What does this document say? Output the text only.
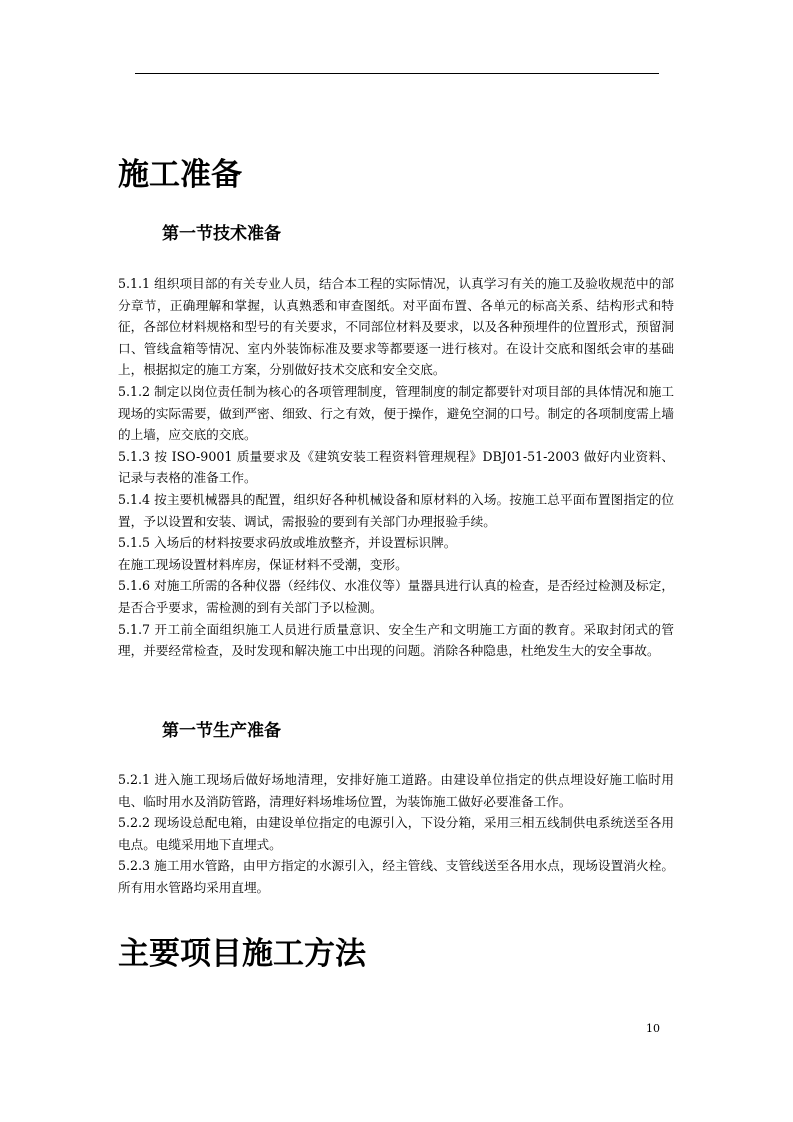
施工准备
第一节技术准备

5.1.1 组织项目部的有关专业人员，结合本工程的实际情况，认真学习有关的施工及验收规范中的部分章节，正确理解和掌握，认真熟悉和审查图纸。对平面布置、各单元的标高关系、结构形式和特征，各部位材料规格和型号的有关要求，不同部位材料及要求，以及各种预埋件的位置形式，预留洞口、管线盒箱等情况、室内外装饰标准及要求等都要逐一进行核对。在设计交底和图纸会审的基础上，根据拟定的施工方案，分别做好技术交底和安全交底。

5.1.2 制定以岗位责任制为核心的各项管理制度，管理制度的制定都要针对项目部的具体情况和施工现场的实际需要，做到严密、细致、行之有效，便于操作，避免空洞的口号。制定的各项制度需上墙的上墙，应交底的交底。

5.1.3 按 ISO-9001 质量要求及《建筑安装工程资料管理规程》DBJ01-51-2003 做好内业资料、记录与表格的准备工作。

5.1.4 按主要机械器具的配置，组织好各种机械设备和原材料的入场。按施工总平面布置图指定的位置，予以设置和安装、调试，需报验的要到有关部门办理报验手续。

5.1.5 入场后的材料按要求码放或堆放整齐，并设置标识牌。

在施工现场设置材料库房，保证材料不受潮，变形。

5.1.6 对施工所需的各种仪器（经纬仪、水准仪等）量器具进行认真的检查，是否经过检测及标定，是否合乎要求，需检测的到有关部门予以检测。

5.1.7 开工前全面组织施工人员进行质量意识、安全生产和文明施工方面的教育。采取封闭式的管理，并要经常检查，及时发现和解决施工中出现的问题。消除各种隐患，杜绝发生大的安全事故。

第一节生产准备

5.2.1 进入施工现场后做好场地清理，安排好施工道路。由建设单位指定的供点埋设好施工临时用电、临时用水及消防管路，清理好料场堆场位置，为装饰施工做好必要准备工作。

5.2.2 现场设总配电箱，由建设单位指定的电源引入，下设分箱，采用三相五线制供电系统送至各用电点。电缆采用地下直埋式。

5.2.3 施工用水管路，由甲方指定的水源引入，经主管线、支管线送至各用水点，现场设置消火栓。所有用水管路均采用直埋。

主要项目施工方法
10
